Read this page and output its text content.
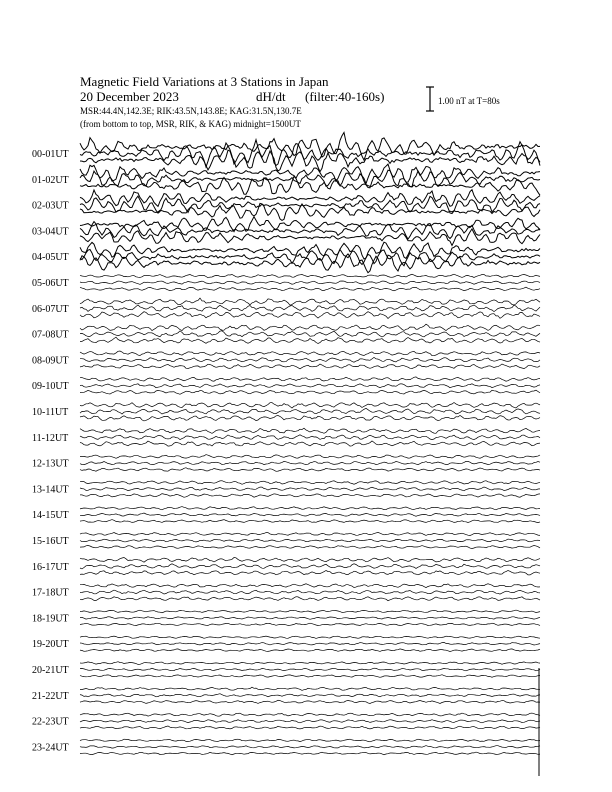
Magnetic Field Variations at 3 Stations in Japan
20 December 2023	dH/dt (filter:40-160s)
MSR:44.4N,142.3E; RIK:43.5N,143.8E; KAG:31.5N,130.7E
(from bottom to top, MSR, RIK, & KAG) midnight=1500UT
1.00 nT at T=80s
00-01UT
01-02UT
02-03UT
03-04UT
04-05UT
05-06UT
06-07UT
07-08UT
08-09UT
09-10UT
10-11UT
11-12UT
12-13UT
13-14UT
14-15UT
15-16UT
16-17UT
17-18UT
18-19UT
19-20UT
20-21UT
21-22UT
22-23UT
23-24UT
